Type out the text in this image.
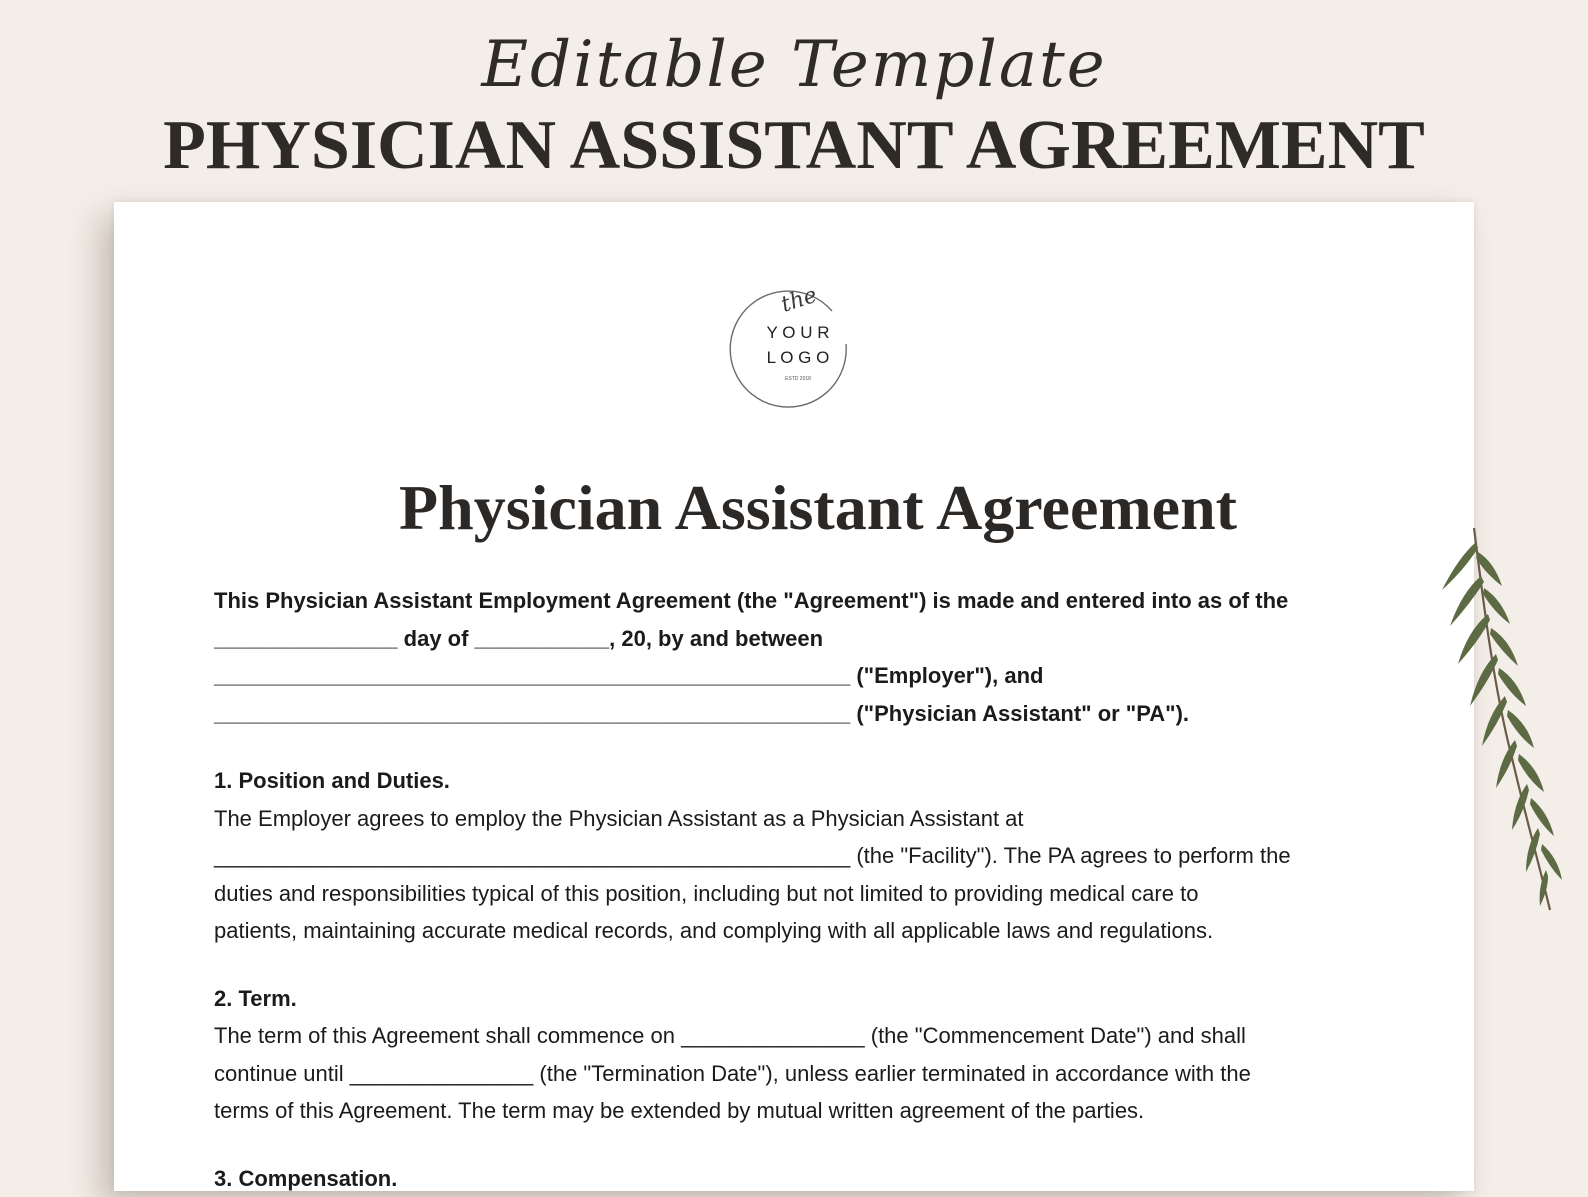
Editable Template
PHYSICIAN ASSISTANT AGREEMENT
the
Y O U R
L O G O
ESTD 2018
Physician Assistant Agreement
This Physician Assistant Employment Agreement (the "Agreement") is made and entered into as of the
_______________ day of ___________, 20, by and between
____________________________________________________ ("Employer"), and
____________________________________________________ ("Physician Assistant" or "PA").
1. Position and Duties.
The Employer agrees to employ the Physician Assistant as a Physician Assistant at
____________________________________________________ (the "Facility"). The PA agrees to perform the
duties and responsibilities typical of this position, including but not limited to providing medical care to
patients, maintaining accurate medical records, and complying with all applicable laws and regulations.
2. Term.
The term of this Agreement shall commence on _______________ (the "Commencement Date") and shall
continue until _______________ (the "Termination Date"), unless earlier terminated in accordance with the
terms of this Agreement. The term may be extended by mutual written agreement of the parties.
3. Compensation.
